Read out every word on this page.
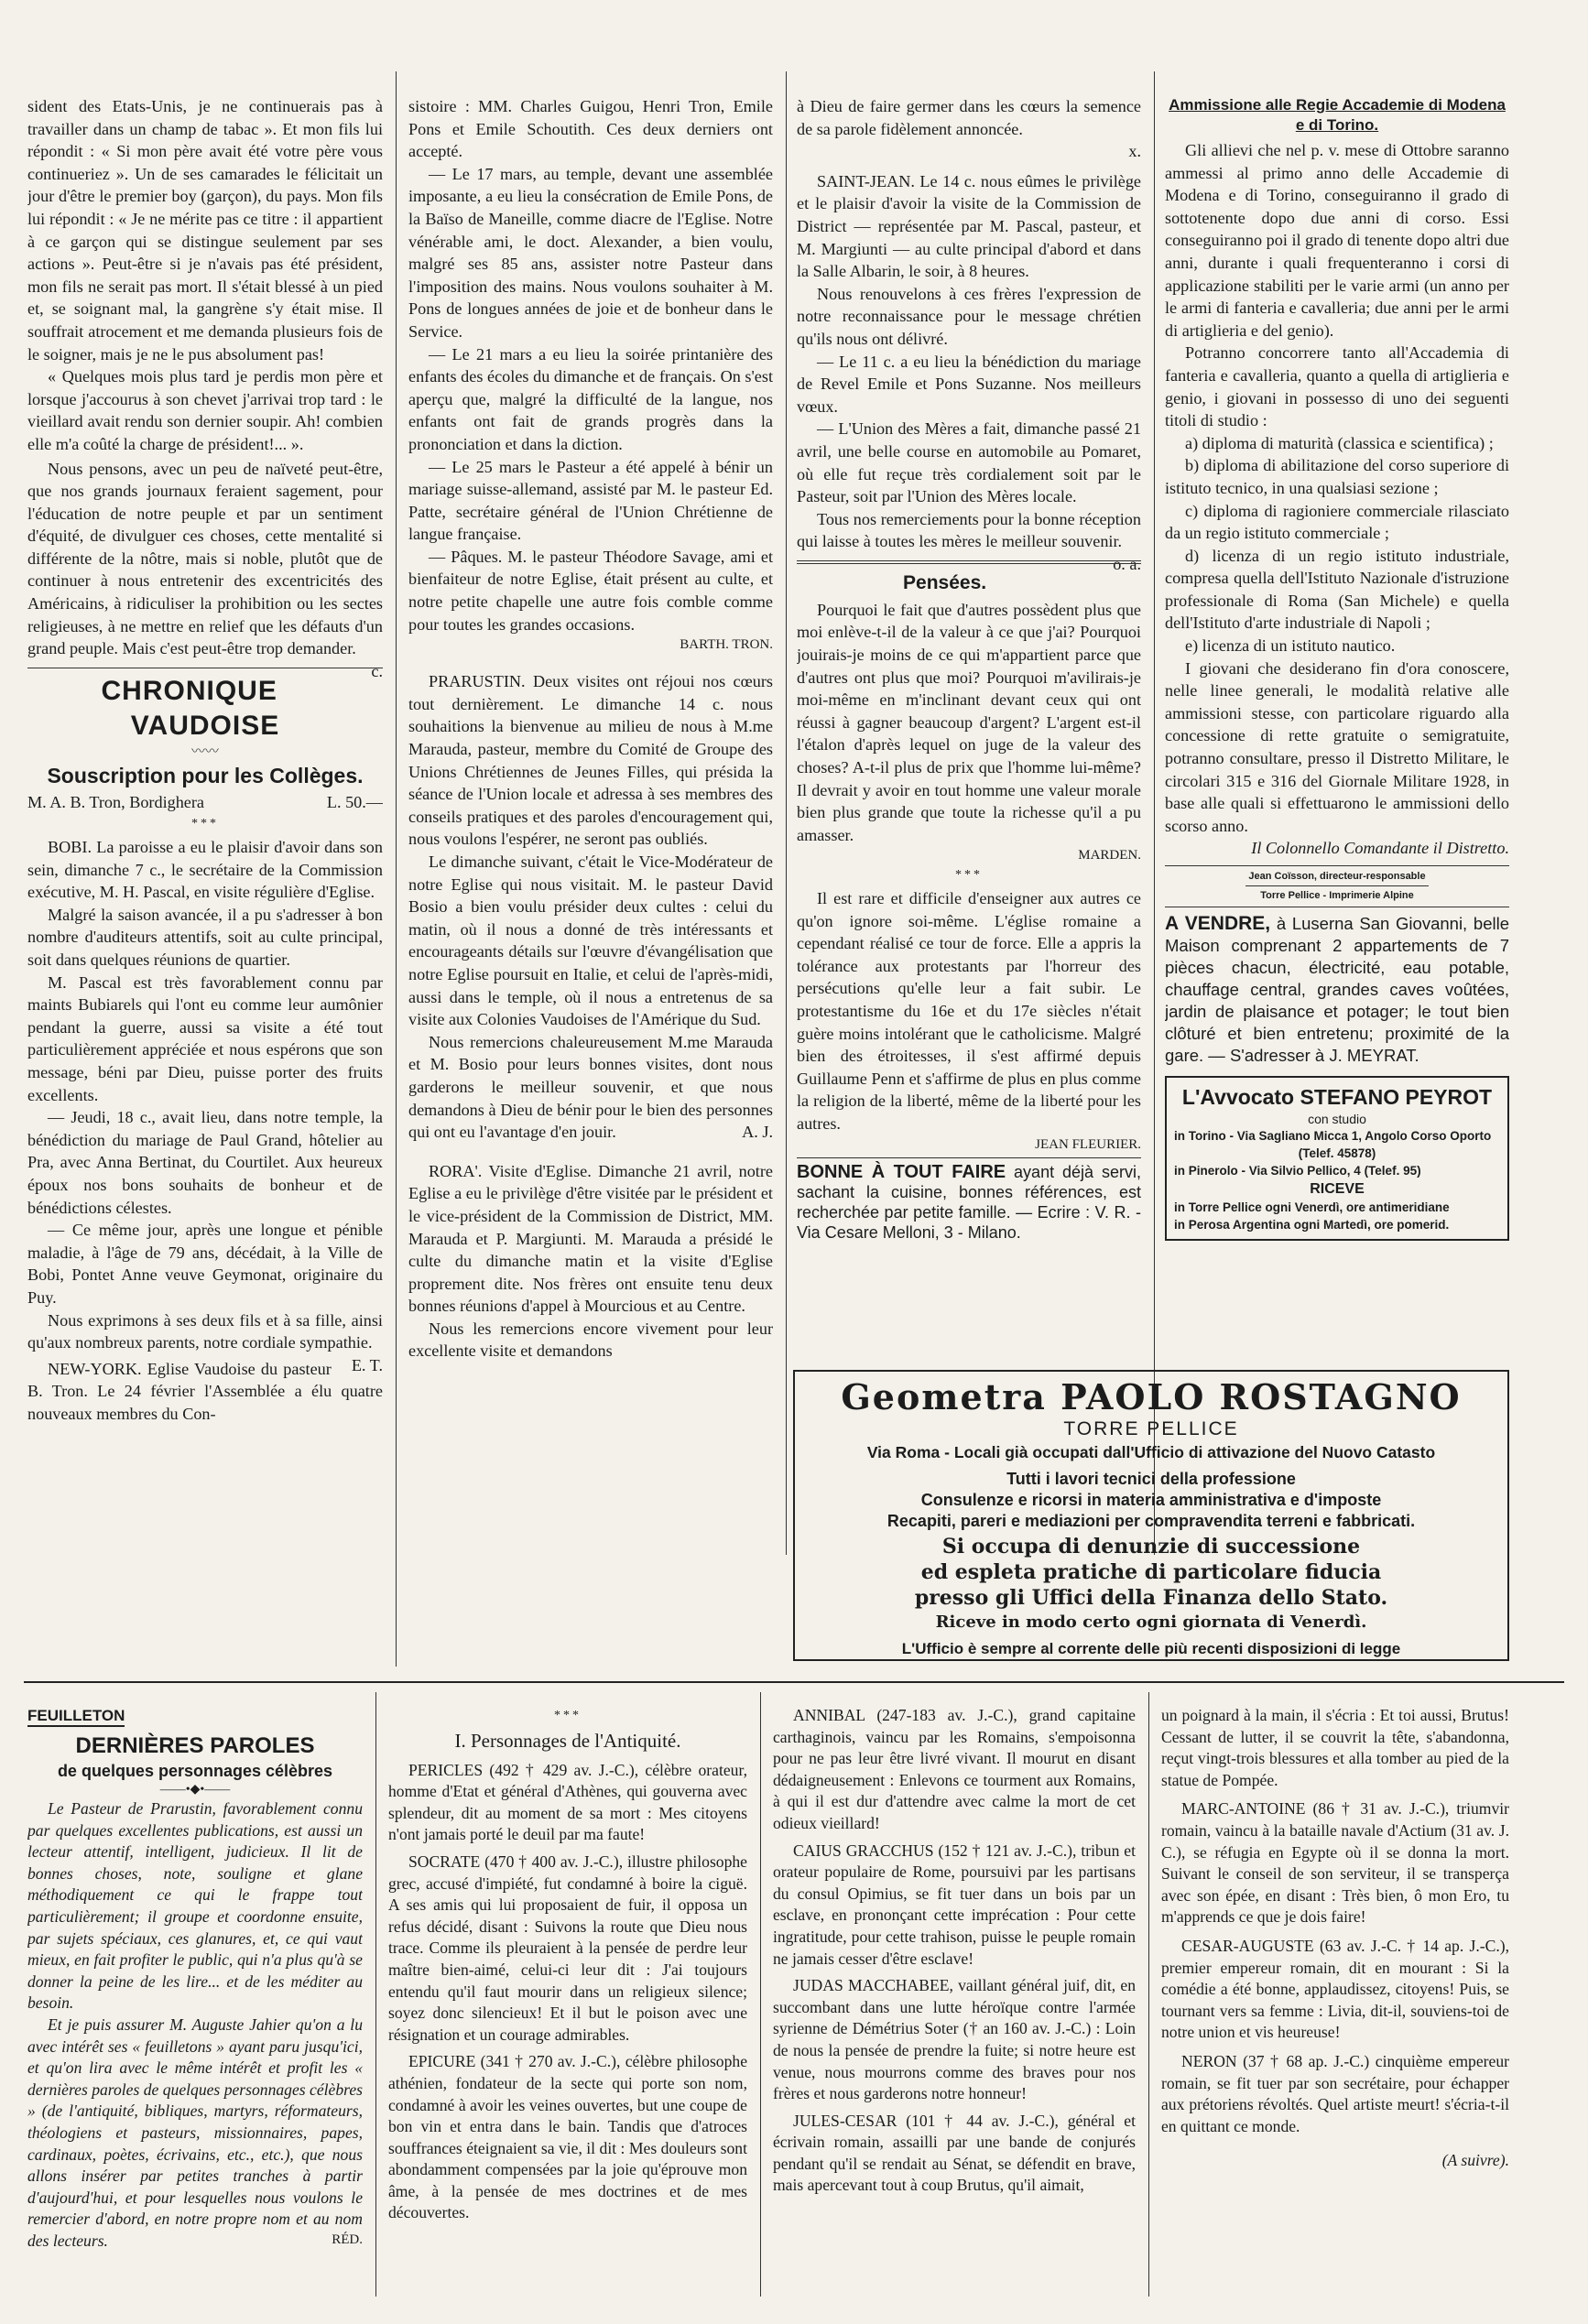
sident des Etats-Unis, je ne continuerais pas à travailler dans un champ de tabac ». Et mon fils lui répondit : « Si mon père avait été votre père vous continueriez ». Un de ses camarades le félicitait un jour d'être le premier boy (garçon), du pays. Mon fils lui répondit : « Je ne mérite pas ce titre : il appartient à ce garçon qui se distingue seulement par ses actions ». Peut-être si je n'avais pas été président, mon fils ne serait pas mort. Il s'était blessé à un pied et, se soignant mal, la gangrène s'y était mise. Il souffrait atrocement et me demanda plusieurs fois de le soigner, mais je ne le pus absolument pas!

« Quelques mois plus tard je perdis mon père et lorsque j'accourus à son chevet j'arrivai trop tard : le vieillard avait rendu son dernier soupir. Ah! combien elle m'a coûté la charge de président!... ».

Nous pensons, avec un peu de naïveté peut-être, que nos grands journaux feraient sagement, pour l'éducation de notre peuple et par un sentiment d'équité, de divulguer ces choses, cette mentalité si différente de la nôtre, mais si noble, plutôt que de continuer à nous entretenir des excentricités des Américains, à ridiculiser la prohibition ou les sectes religieuses, à ne mettre en relief que les défauts d'un grand peuple. Mais c'est peut-être trop demander.
c.

CHRONIQUE VAUDOISE
〰〰
Souscription pour les Collèges.

M. A. B. Tron, Bordighera	L. 50.—

***

BOBI. La paroisse a eu le plaisir d'avoir dans son sein, dimanche 7 c., le secrétaire de la Commission exécutive, M. H. Pascal, en visite régulière d'Eglise.

Malgré la saison avancée, il a pu s'adresser à bon nombre d'auditeurs attentifs, soit au culte principal, soit dans quelques réunions de quartier.

M. Pascal est très favorablement connu par maints Bubiarels qui l'ont eu comme leur aumônier pendant la guerre, aussi sa visite a été tout particulièrement appréciée et nous espérons que son message, béni par Dieu, puisse porter des fruits excellents.

— Jeudi, 18 c., avait lieu, dans notre temple, la bénédiction du mariage de Paul Grand, hôtelier au Pra, avec Anna Bertinat, du Courtilet. Aux heureux époux nos bons souhaits de bonheur et de bénédictions célestes.

— Ce même jour, après une longue et pénible maladie, à l'âge de 79 ans, décédait, à la Ville de Bobi, Pontet Anne veuve Geymonat, originaire du Puy.

Nous exprimons à ses deux fils et à sa fille, ainsi qu'aux nombreux parents, notre cordiale sympathie.
E. T.

NEW-YORK. Eglise Vaudoise du pasteur B. Tron. Le 24 février l'Assemblée a élu quatre nouveaux membres du Con-

sistoire : MM. Charles Guigou, Henri Tron, Emile Pons et Emile Schoutith. Ces deux derniers ont accepté.

— Le 17 mars, au temple, devant une assemblée imposante, a eu lieu la consécration de Emile Pons, de la Baïso de Maneille, comme diacre de l'Eglise. Notre vénérable ami, le doct. Alexander, a bien voulu, malgré ses 85 ans, assister notre Pasteur dans l'imposition des mains. Nous voulons souhaiter à M. Pons de longues années de joie et de bonheur dans le Service.

— Le 21 mars a eu lieu la soirée printanière des enfants des écoles du dimanche et de français. On s'est aperçu que, malgré la difficulté de la langue, nos enfants ont fait de grands progrès dans la prononciation et dans la diction.

— Le 25 mars le Pasteur a été appelé à bénir un mariage suisse-allemand, assisté par M. le pasteur Ed. Patte, secrétaire général de l'Union Chrétienne de langue française.

— Pâques. M. le pasteur Théodore Savage, ami et bienfaiteur de notre Eglise, était présent au culte, et notre petite chapelle une autre fois comble comme pour toutes les grandes occasions.

BARTH. TRON.

PRARUSTIN. Deux visites ont réjoui nos cœurs tout dernièrement. Le dimanche 14 c. nous souhaitions la bienvenue au milieu de nous à M.me Marauda, pasteur, membre du Comité de Groupe des Unions Chrétiennes de Jeunes Filles, qui présida la séance de l'Union locale et adressa à ses membres des conseils pratiques et des paroles d'encouragement qui, nous voulons l'espérer, ne seront pas oubliés.

Le dimanche suivant, c'était le Vice-Modérateur de notre Eglise qui nous visitait. M. le pasteur David Bosio a bien voulu présider deux cultes : celui du matin, où il nous a donné de très intéressants et encourageants détails sur l'œuvre d'évangélisation que notre Eglise poursuit en Italie, et celui de l'après-midi, aussi dans le temple, où il nous a entretenus de sa visite aux Colonies Vaudoises de l'Amérique du Sud.

Nous remercions chaleureusement M.me Marauda et M. Bosio pour leurs bonnes visites, dont nous garderons le meilleur souvenir, et que nous demandons à Dieu de bénir pour le bien des personnes qui ont eu l'avantage d'en jouir.	A. J.

RORA'. Visite d'Eglise. Dimanche 21 avril, notre Eglise a eu le privilège d'être visitée par le président et le vice-président de la Commission de District, MM. Marauda et P. Margiunti. M. Marauda a présidé le culte du dimanche matin et la visite d'Eglise proprement dite. Nos frères ont ensuite tenu deux bonnes réunions d'appel à Mourcious et au Centre.

Nous les remercions encore vivement pour leur excellente visite et demandons

à Dieu de faire germer dans les cœurs la semence de sa parole fidèlement annoncée.

x.

SAINT-JEAN. Le 14 c. nous eûmes le privilège et le plaisir d'avoir la visite de la Commission de District — représentée par M. Pascal, pasteur, et M. Margiunti — au culte principal d'abord et dans la Salle Albarin, le soir, à 8 heures.

Nous renouvelons à ces frères l'expression de notre reconnaissance pour le message chrétien qu'ils nous ont délivré.

— Le 11 c. a eu lieu la bénédiction du mariage de Revel Emile et Pons Suzanne. Nos meilleurs vœux.

— L'Union des Mères a fait, dimanche passé 21 avril, une belle course en automobile au Pomaret, où elle fut reçue très cordialement soit par le Pasteur, soit par l'Union des Mères locale.

Tous nos remerciements pour la bonne réception qui laisse à toutes les mères le meilleur souvenir.
o. a.

Pensées.

Pourquoi le fait que d'autres possèdent plus que moi enlève-t-il de la valeur à ce que j'ai? Pourquoi jouirais-je moins de ce qui m'appartient parce que d'autres ont plus que moi? Pourquoi m'avilirais-je moi-même en m'inclinant devant ceux qui ont réussi à gagner beaucoup d'argent? L'argent est-il l'étalon d'après lequel on juge de la valeur des choses? A-t-il plus de prix que l'homme lui-même? Il devrait y avoir en tout homme une valeur morale bien plus grande que toute la richesse qu'il a pu amasser.

MARDEN.

***

Il est rare et difficile d'enseigner aux autres ce qu'on ignore soi-même. L'église romaine a cependant réalisé ce tour de force. Elle a appris la tolérance aux protestants par l'horreur des persécutions qu'elle leur a fait subir. Le protestantisme du 16e et du 17e siècles n'était guère moins intolérant que le catholicisme. Malgré bien des étroitesses, il s'est affirmé depuis Guillaume Penn et s'affirme de plus en plus comme la religion de la liberté, même de la liberté pour les autres.

JEAN FLEURIER.

BONNE À TOUT FAIRE ayant déjà servi, sachant la cuisine, bonnes références, est recherchée par petite famille. — Ecrire : V. R. - Via Cesare Melloni, 3 - Milano.

Ammissione alle Regie Accademie di Modena e di Torino.

Gli allievi che nel p. v. mese di Ottobre saranno ammessi al primo anno delle Accademie di Modena e di Torino, conseguiranno il grado di sottotenente dopo due anni di corso. Essi conseguiranno poi il grado di tenente dopo altri due anni, durante i quali frequenteranno i corsi di applicazione stabiliti per le varie armi (un anno per le armi di fanteria e cavalleria; due anni per le armi di artiglieria e del genio).

Potranno concorrere tanto all'Accademia di fanteria e cavalleria, quanto a quella di artiglieria e genio, i giovani in possesso di uno dei seguenti titoli di studio :

a) diploma di maturità (classica e scientifica) ;

b) diploma di abilitazione del corso superiore di istituto tecnico, in una qualsiasi sezione ;

c) diploma di ragioniere commerciale rilasciato da un regio istituto commerciale ;

d) licenza di un regio istituto industriale, compresa quella dell'Istituto Nazionale d'istruzione professionale di Roma (San Michele) e quella dell'Istituto d'arte industriale di Napoli ;

e) licenza di un istituto nautico.

I giovani che desiderano fin d'ora conoscere, nelle linee generali, le modalità relative alle ammissioni stesse, con particolare riguardo alla concessione di rette gratuite o semigratuite, potranno consultare, presso il Distretto Militare, le circolari 315 e 316 del Giornale Militare 1928, in base alle quali si effettuarono le ammissioni dello scorso anno.

Il Colonnello Comandante il Distretto.

Jean Coïsson, directeur-responsable
Torre Pellice - Imprimerie Alpine

A VENDRE, à Luserna San Giovanni, belle Maison comprenant 2 appartements de 7 pièces chacun, électricité, eau potable, chauffage central, grandes caves voûtées, jardin de plaisance et potager; le tout bien clôturé et bien entretenu; proximité de la gare. — S'adresser à J. MEYRAT.

L'Avvocato STEFANO PEYROT
con studio
in Torino - Via Sagliano Micca 1, Angolo Corso Oporto
(Telef. 45878)
in Pinerolo - Via Silvio Pellico, 4 (Telef. 95)
RICEVE
in Torre Pellice ogni Venerdì, ore antimeridiane
in Perosa Argentina ogni Martedì, ore pomerid.
Geometra PAOLO ROSTAGNO
TORRE PELLICE
Via Roma - Locali già occupati dall'Ufficio di attivazione del Nuovo Catasto
Tutti i lavori tecnici della professione
Consulenze e ricorsi in materia amministrativa e d'imposte
Recapiti, pareri e mediazioni per compravendita terreni e fabbricati.
Si occupa di denunzie di successione
ed espleta pratiche di particolare fiducia
presso gli Uffici della Finanza dello Stato.
Riceve in modo certo ogni giornata di Venerdì.
L'Ufficio è sempre al corrente delle più recenti disposizioni di legge
FEUILLETON
DERNIÈRES PAROLES
de quelques personnages célèbres
——•◆•——

Le Pasteur de Prarustin, favorablement connu par quelques excellentes publications, est aussi un lecteur attentif, intelligent, judicieux. Il lit de bonnes choses, note, souligne et glane méthodiquement ce qui le frappe tout particulièrement; il groupe et coordonne ensuite, par sujets spéciaux, ces glanures, et, ce qui vaut mieux, en fait profiter le public, qui n'a plus qu'à se donner la peine de les lire... et de les méditer au besoin.

Et je puis assurer M. Auguste Jahier qu'on a lu avec intérêt ses « feuilletons » ayant paru jusqu'ici, et qu'on lira avec le même intérêt et profit les « dernières paroles de quelques personnages célèbres » (de l'antiquité, bibliques, martyrs, réformateurs, théologiens et pasteurs, missionnaires, papes, cardinaux, poètes, écrivains, etc., etc.), que nous allons insérer par petites tranches à partir d'aujourd'hui, et pour lesquelles nous voulons le remercier d'abord, en notre propre nom et au nom des lecteurs.	RÉD.

***

I. Personnages de l'Antiquité.

PERICLES (492 † 429 av. J.-C.), célèbre orateur, homme d'Etat et général d'Athènes, qui gouverna avec splendeur, dit au moment de sa mort : Mes citoyens n'ont jamais porté le deuil par ma faute!

SOCRATE (470 † 400 av. J.-C.), illustre philosophe grec, accusé d'impiété, fut condamné à boire la ciguë. A ses amis qui lui proposaient de fuir, il opposa un refus décidé, disant : Suivons la route que Dieu nous trace. Comme ils pleuraient à la pensée de perdre leur maître bien-aimé, celui-ci leur dit : J'ai toujours entendu qu'il faut mourir dans un religieux silence; soyez donc silencieux! Et il but le poison avec une résignation et un courage admirables.

EPICURE (341 † 270 av. J.-C.), célèbre philosophe athénien, fondateur de la secte qui porte son nom, condamné à avoir les veines ouvertes, but une coupe de bon vin et entra dans le bain. Tandis que d'atroces souffrances éteignaient sa vie, il dit : Mes douleurs sont abondamment compensées par la joie qu'éprouve mon âme, à la pensée de mes doctrines et de mes découvertes.

ANNIBAL (247-183 av. J.-C.), grand capitaine carthaginois, vaincu par les Romains, s'empoisonna pour ne pas leur être livré vivant. Il mourut en disant dédaigneusement : Enlevons ce tourment aux Romains, à qui il est dur d'attendre avec calme la mort de cet odieux vieillard!

CAIUS GRACCHUS (152 † 121 av. J.-C.), tribun et orateur populaire de Rome, poursuivi par les partisans du consul Opimius, se fit tuer dans un bois par un esclave, en prononçant cette imprécation : Pour cette ingratitude, pour cette trahison, puisse le peuple romain ne jamais cesser d'être esclave!

JUDAS MACCHABEE, vaillant général juif, dit, en succombant dans une lutte héroïque contre l'armée syrienne de Démétrius Soter († an 160 av. J.-C.) : Loin de nous la pensée de prendre la fuite; si notre heure est venue, nous mourrons comme des braves pour nos frères et nous garderons notre honneur!

JULES-CESAR (101 † 44 av. J.-C.), général et écrivain romain, assailli par une bande de conjurés pendant qu'il se rendait au Sénat, se défendit en brave, mais apercevant tout à coup Brutus, qu'il aimait,

un poignard à la main, il s'écria : Et toi aussi, Brutus! Cessant de lutter, il se couvrit la tête, s'abandonna, reçut vingt-trois blessures et alla tomber au pied de la statue de Pompée.

MARC-ANTOINE (86 † 31 av. J.-C.), triumvir romain, vaincu à la bataille navale d'Actium (31 av. J. C.), se réfugia en Egypte où il se donna la mort. Suivant le conseil de son serviteur, il se transperça avec son épée, en disant : Très bien, ô mon Ero, tu m'apprends ce que je dois faire!

CESAR-AUGUSTE (63 av. J.-C. † 14 ap. J.-C.), premier empereur romain, dit en mourant : Si la comédie a été bonne, applaudissez, citoyens! Puis, se tournant vers sa femme : Livia, dit-il, souviens-toi de notre union et vis heureuse!

NERON (37 † 68 ap. J.-C.) cinquième empereur romain, se fit tuer par son secrétaire, pour échapper aux prétoriens révoltés. Quel artiste meurt! s'écria-t-il en quittant ce monde.

(A suivre).
